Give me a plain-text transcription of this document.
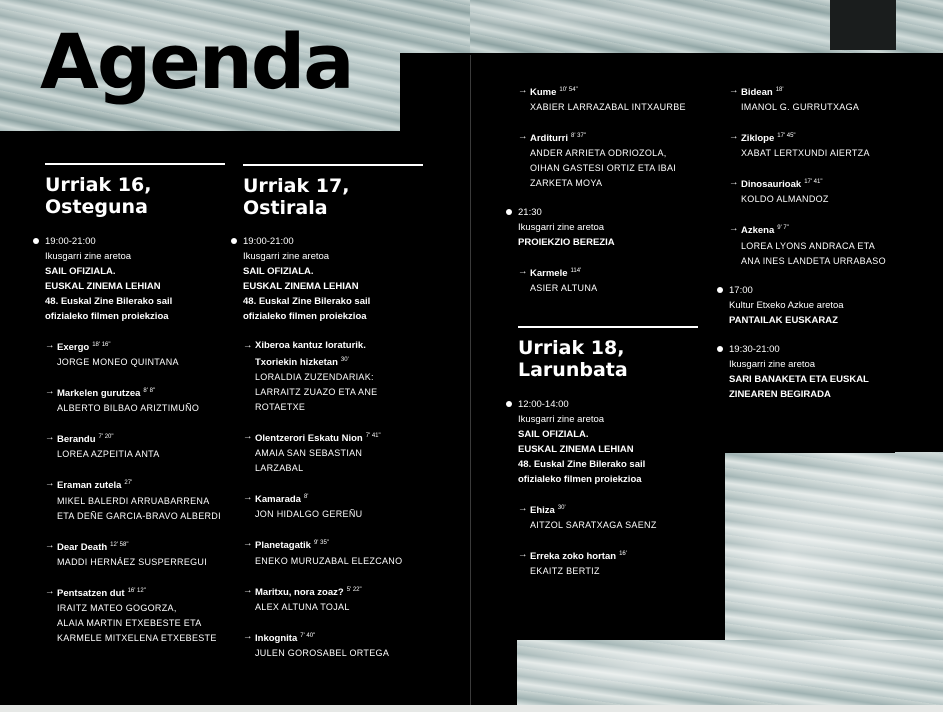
Agenda
Urriak 16,
Osteguna
Urriak 17,
Ostirala
Urriak 18,
Larunbata
19:00-21:00
Ikusgarri zine aretoa
SAIL OFIZIALA.
EUSKAL ZINEMA LEHIAN
48. Euskal Zine Bilerako sail
ofizialeko filmen proiekzioa
→ Exergo $^{18' 16"}$
JORGE MONEO QUINTANA
→ Markelen gurutzea $^{8' 8"}$
ALBERTO BILBAO ARIZTIMUÑO
→ Berandu $^{7' 20"}$
LOREA AZPEITIA ANTA
→ Eraman zutela $^{27'}$
MIKEL BALERDI ARRUABARRENA
ETA DEÑE GARCIA-BRAVO ALBERDI
→ Dear Death $^{12' 58"}$
MADDI HERNÁEZ SUSPERREGUI
→ Pentsatzen dut $^{16' 12"}$
IRAITZ MATEO GOGORZA,
ALAIA MARTIN ETXEBESTE ETA
KARMELE MITXELENA ETXEBESTE
19:00-21:00
Ikusgarri zine aretoa
SAIL OFIZIALA.
EUSKAL ZINEMA LEHIAN
48. Euskal Zine Bilerako sail
ofizialeko filmen proiekzioa
→ Xiberoa kantuz loraturik.
Txoriekin hizketan $^{30'}$
LORALDIA ZUZENDARIAK:
LARRAITZ ZUAZO ETA ANE
ROTAETXE
→ Olentzerori Eskatu Nion $^{7' 41"}$
AMAIA SAN SEBASTIAN
LARZABAL
→ Kamarada $^{8'}$
JON HIDALGO GEREÑU
→ Planetagatik $^{9' 35"}$
ENEKO MURUZABAL ELEZCANO
→ Maritxu, nora zoaz? $^{5' 22"}$
ALEX ALTUNA TOJAL
→ Inkognita $^{7' 40"}$
JULEN GOROSABEL ORTEGA
→ Kume $^{10' 54"}$
XABIER LARRAZABAL INTXAURBE
→ Arditurri $^{8' 37"}$
ANDER ARRIETA ODRIOZOLA,
OIHAN GASTESI ORTIZ ETA IBAI
ZARKETA MOYA
21:30
Ikusgarri zine aretoa
PROIEKZIO BEREZIA
→ Karmele $^{114'}$
ASIER ALTUNA
12:00-14:00
Ikusgarri zine aretoa
SAIL OFIZIALA.
EUSKAL ZINEMA LEHIAN
48. Euskal Zine Bilerako sail
ofizialeko filmen proiekzioa
→ Ehiza $^{30'}$
AITZOL SARATXAGA SAENZ
→ Erreka zoko hortan $^{16'}$
EKAITZ BERTIZ
→ Bidean $^{18'}$
IMANOL G. GURRUTXAGA
→ Ziklope $^{17' 45"}$
XABAT LERTXUNDI AIERTZA
→ Dinosaurioak $^{17' 41"}$
KOLDO ALMANDOZ
→ Azkena $^{9' 7"}$
LOREA LYONS ANDRACA ETA
ANA INES LANDETA URRABASO
17:00
Kultur Etxeko Azkue aretoa
PANTAILAK EUSKARAZ
19:30-21:00
Ikusgarri zine aretoa
SARI BANAKETA ETA EUSKAL
ZINEAREN BEGIRADA
